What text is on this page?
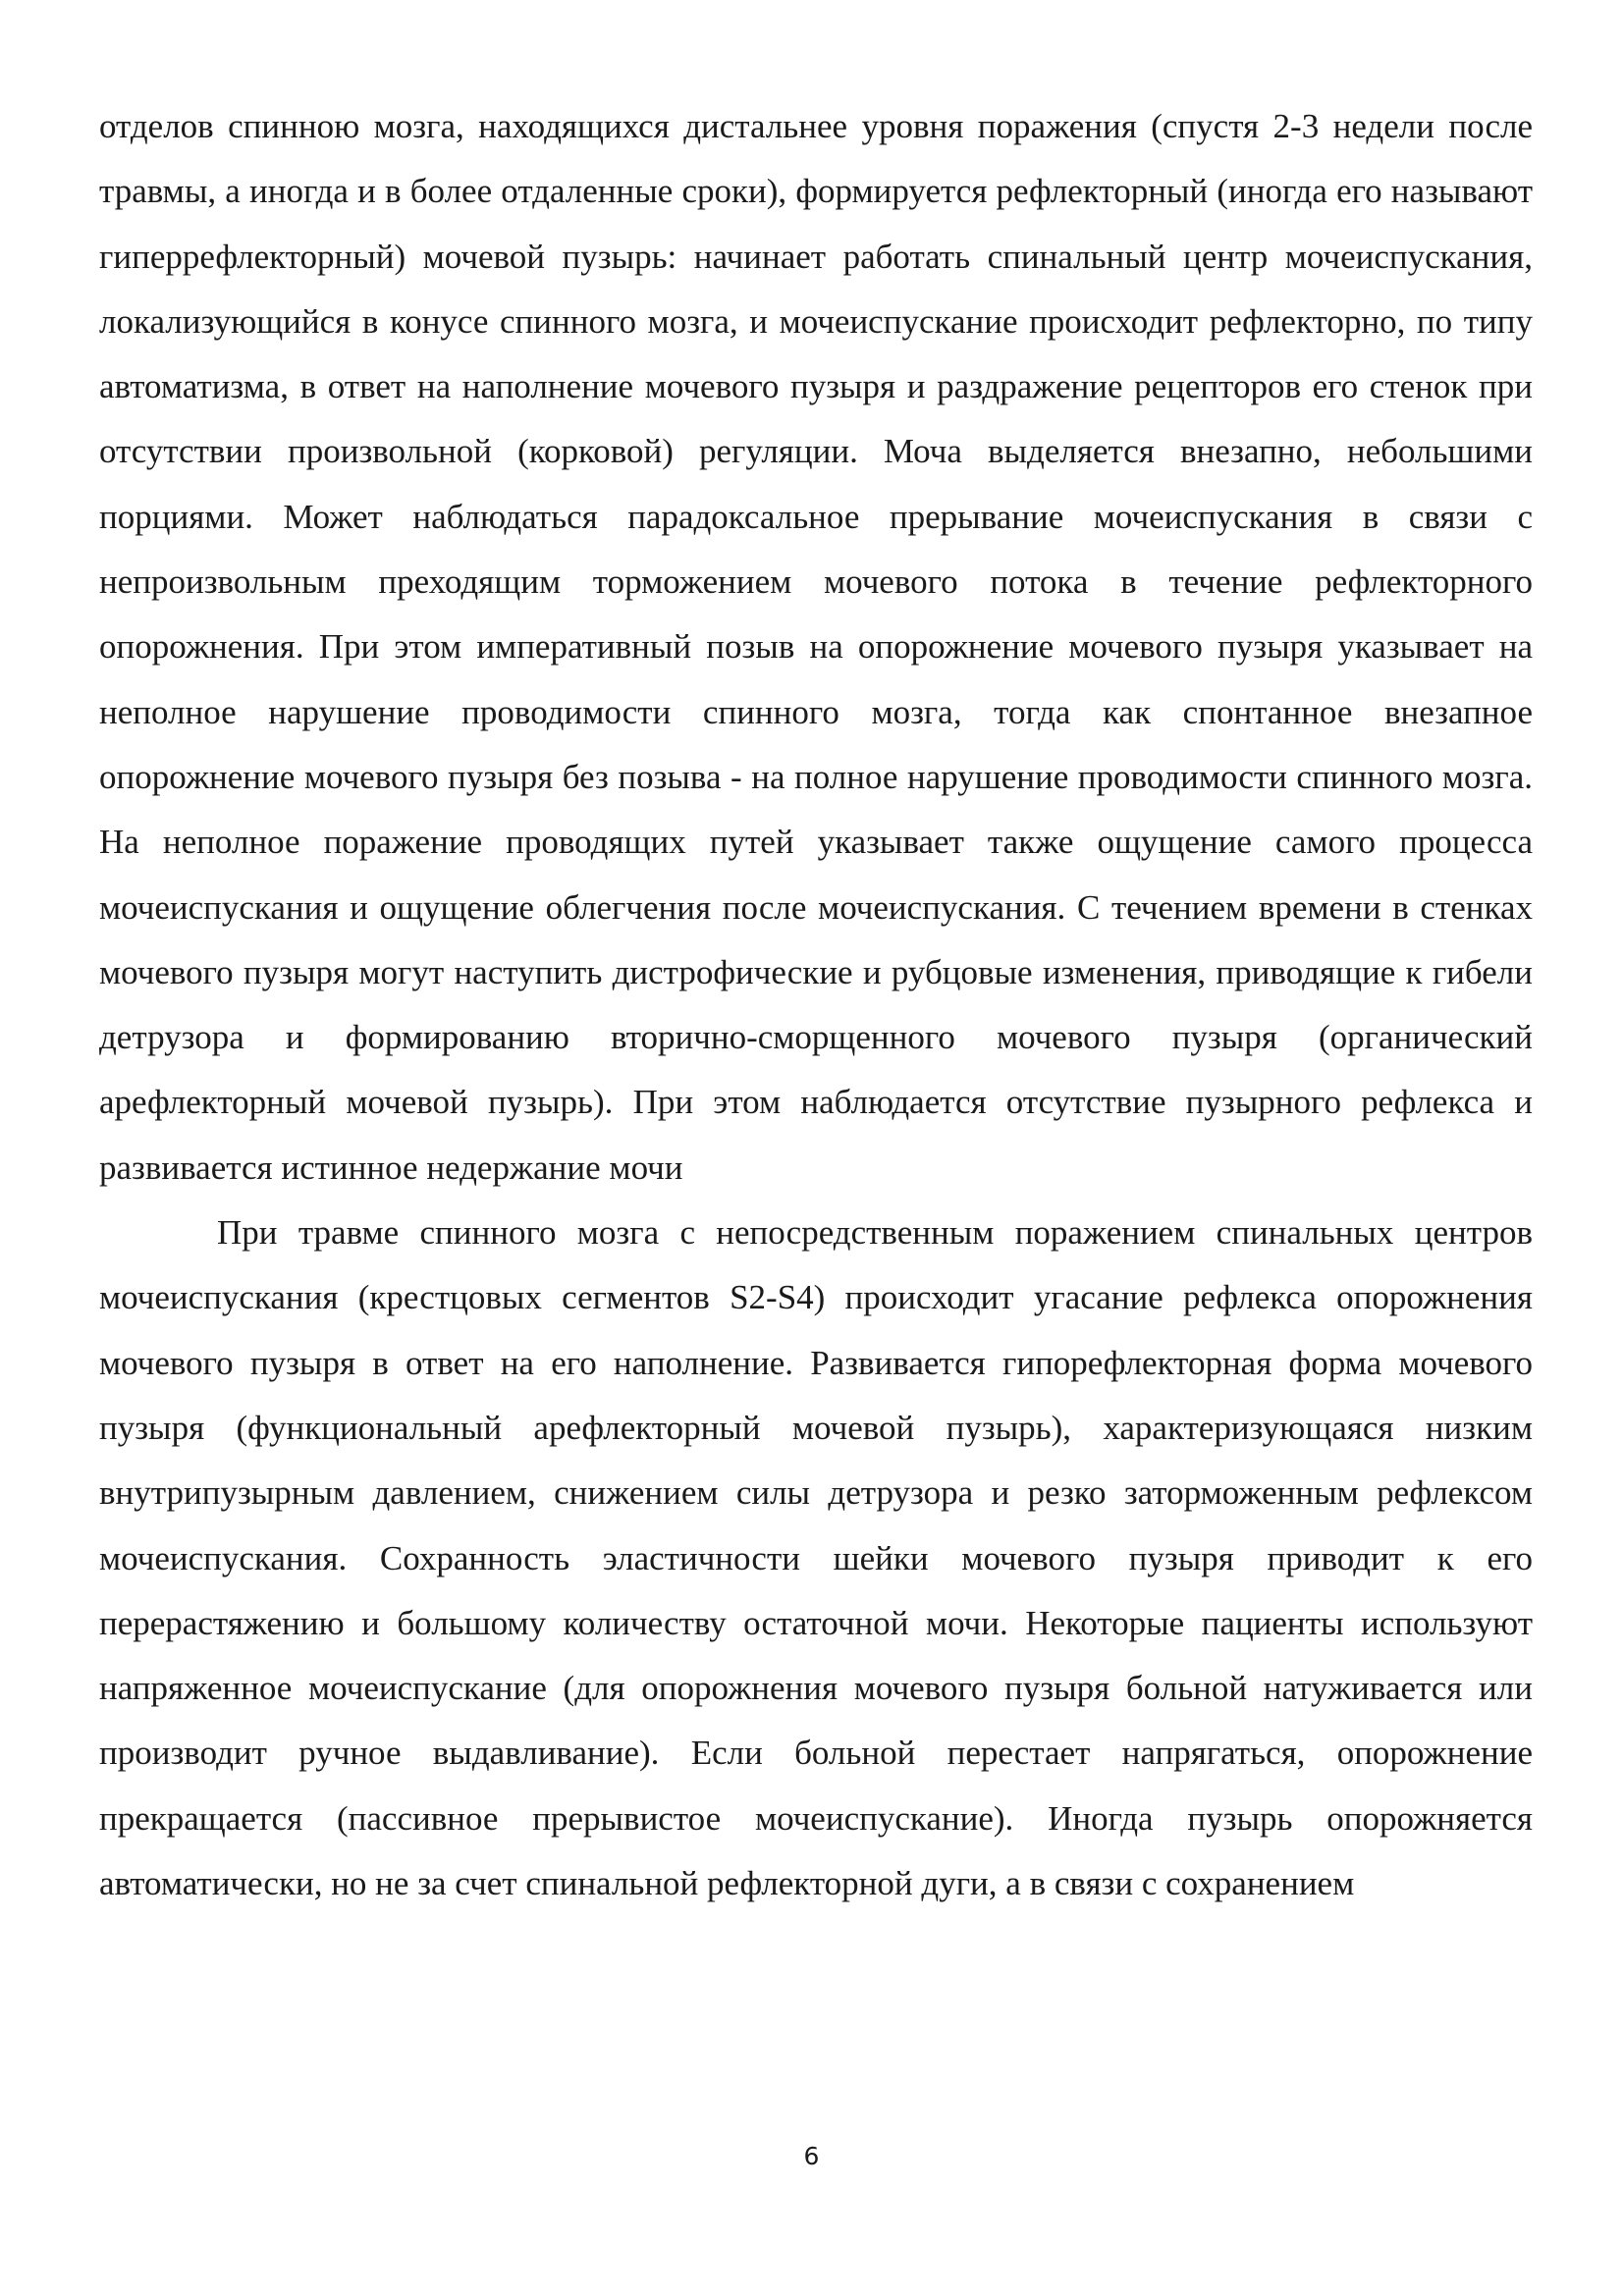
отделов спинною мозга, находящихся дистальнее уровня поражения (спустя 2-3 недели после травмы, а иногда и в более отдаленные сроки), формируется рефлекторный (иногда его называют гиперрефлекторный) мочевой пузырь: начинает работать спинальный центр мочеиспускания, локализующийся в конусе спинного мозга, и мочеиспускание происходит рефлекторно, по типу автоматизма, в ответ на наполнение мочевого пузыря и раздражение рецепторов его стенок при отсутствии произвольной (корковой) регуляции. Моча выделяется внезапно, небольшими порциями. Может наблюдаться парадоксальное прерывание мочеиспускания в связи с непроизвольным преходящим торможением мочевого потока в течение рефлекторного опорожнения. При этом императивный позыв на опорожнение мочевого пузыря указывает на неполное нарушение проводимости спинного мозга, тогда как спонтанное внезапное опорожнение мочевого пузыря без позыва - на полное нарушение проводимости спинного мозга. На неполное поражение проводящих путей указывает также ощущение самого процесса мочеиспускания и ощущение облегчения после мочеиспускания. С течением времени в стенках мочевого пузыря могут наступить дистрофические и рубцовые изменения, приводящие к гибели детрузора и формированию вторично-сморщенного мочевого пузыря (органический арефлекторный мочевой пузырь). При этом наблюдается отсутствие пузырного рефлекса и развивается истинное недержание мочи

При травме спинного мозга с непосредственным поражением спинальных центров мочеиспускания (крестцовых сегментов S2-S4) происходит угасание рефлекса опорожнения мочевого пузыря в ответ на его наполнение. Развивается гипорефлекторная форма мочевого пузыря (функциональный арефлекторный мочевой пузырь), характеризующаяся низким внутрипузырным давлением, снижением силы детрузора и резко заторможенным рефлексом мочеиспускания. Сохранность эластичности шейки мочевого пузыря приводит к его перерастяжению и большому количеству остаточной мочи. Некоторые пациенты используют напряженное мочеиспускание (для опорожнения мочевого пузыря больной натуживается или производит ручное выдавливание). Если больной перестает напрягаться, опорожнение прекращается (пассивное прерывистое мочеиспускание). Иногда пузырь опорожняется автоматически, но не за счет спинальной рефлекторной дуги, а в связи с сохранением

6
